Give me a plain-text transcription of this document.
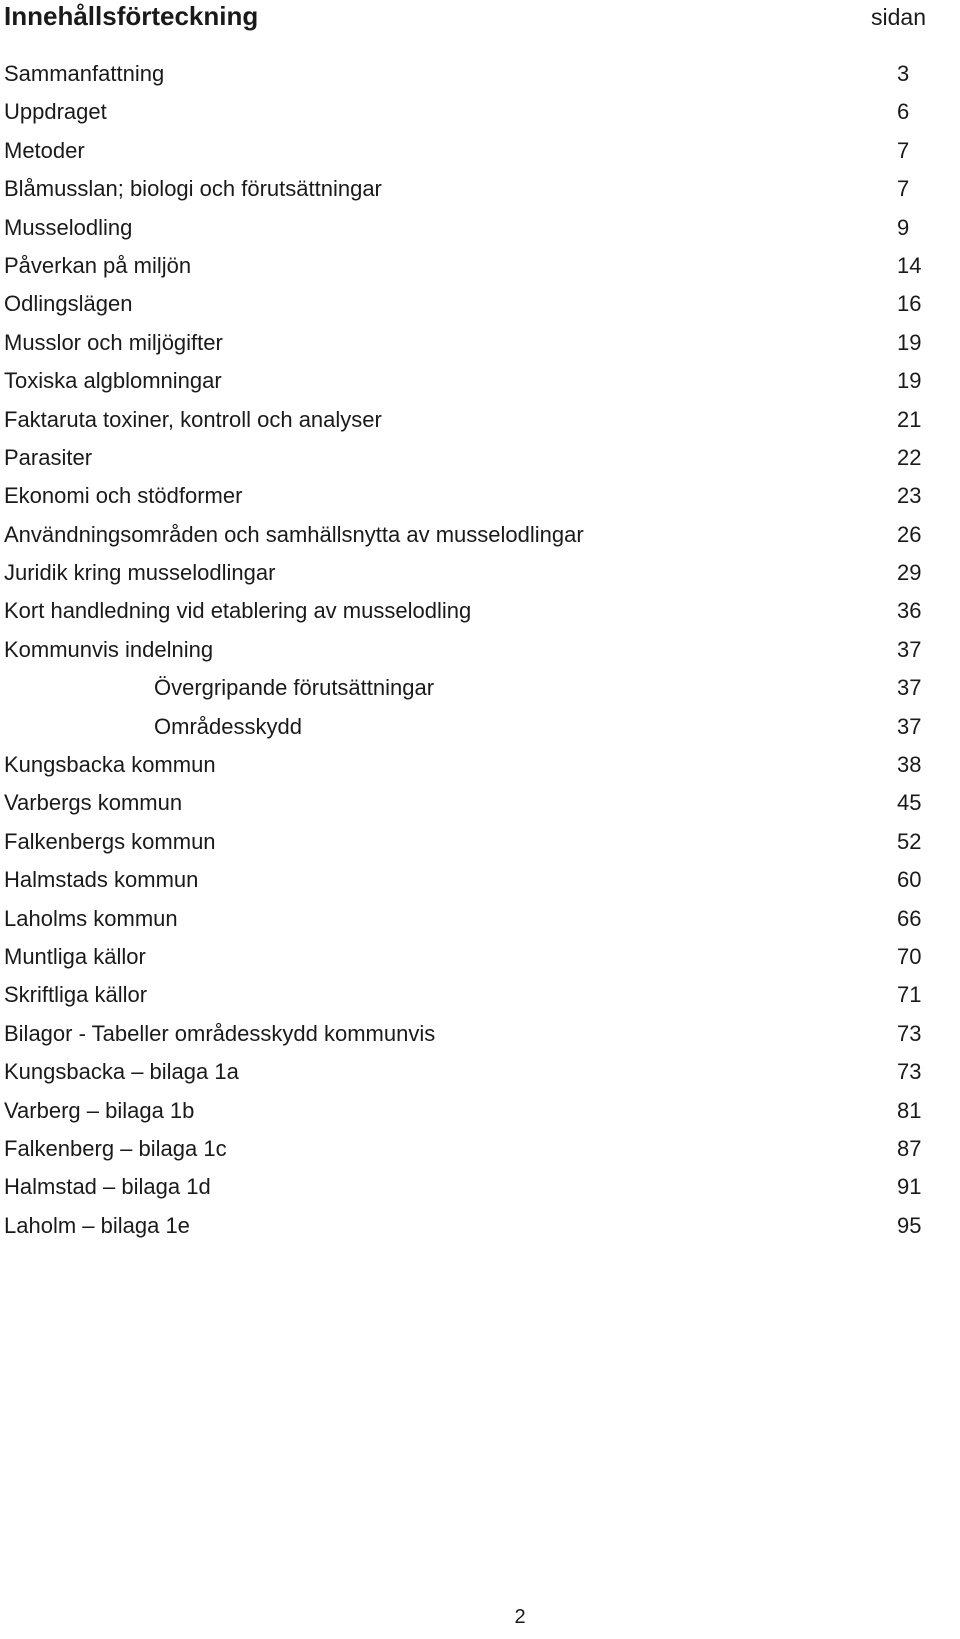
Innehållsförteckning	sidan
Sammanfattning	3
Uppdraget	6
Metoder	7
Blåmusslan; biologi och förutsättningar	7
Musselodling	9
Påverkan på miljön	14
Odlingslägen	16
Musslor och miljögifter	19
Toxiska algblomningar	19
Faktaruta toxiner, kontroll och analyser	21
Parasiter	22
Ekonomi och stödformer	23
Användningsområden och samhällsnytta av musselodlingar	26
Juridik kring musselodlingar	29
Kort handledning vid etablering av musselodling	36
Kommunvis indelning	37
Övergripande förutsättningar	37
Områdesskydd	37
Kungsbacka kommun	38
Varbergs kommun	45
Falkenbergs kommun	52
Halmstads kommun	60
Laholms kommun	66
Muntliga källor	70
Skriftliga källor	71
Bilagor - Tabeller områdesskydd kommunvis	73
Kungsbacka – bilaga 1a	73
Varberg – bilaga 1b	81
Falkenberg – bilaga 1c	87
Halmstad – bilaga 1d	91
Laholm – bilaga 1e	95
2
